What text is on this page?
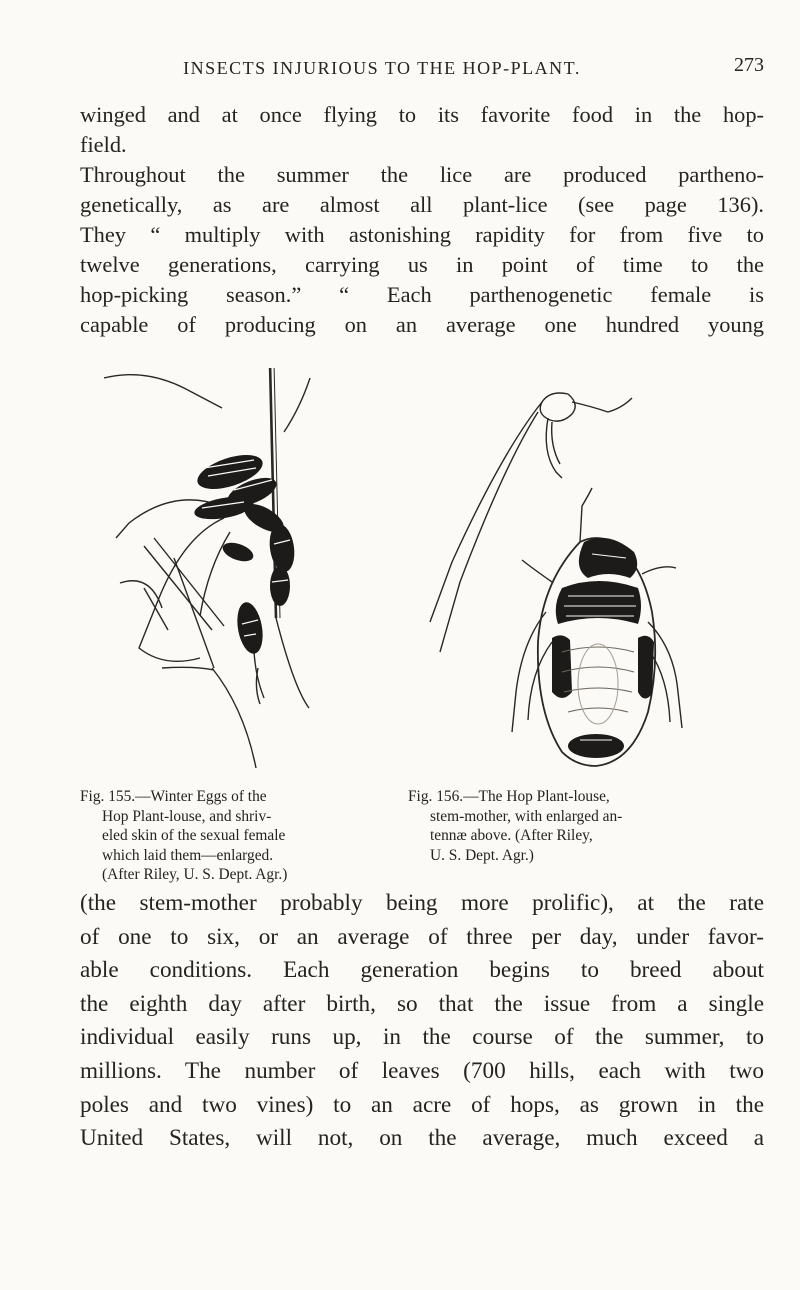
INSECTS INJURIOUS TO THE HOP-PLANT.	273
winged and at once flying to its favorite food in the hop-
field.
Throughout the summer the lice are produced partheno-
genetically, as are almost all plant-lice (see page 136).
They “ multiply with astonishing rapidity for from five to
twelve generations, carrying us in point of time to the
hop-picking season.” “ Each parthenogenetic female is
capable of producing on an average one hundred young
Fig. 155.—Winter Eggs of the
Hop Plant-louse, and shriv-
eled skin of the sexual female
which laid them—enlarged.
(After Riley, U. S. Dept. Agr.)
Fig. 156.—The Hop Plant-louse,
stem-mother, with enlarged an-
tennæ above. (After Riley,
U. S. Dept. Agr.)
(the stem-mother probably being more prolific), at the rate
of one to six, or an average of three per day, under favor-
able conditions. Each generation begins to breed about
the eighth day after birth, so that the issue from a single
individual easily runs up, in the course of the summer, to
millions. The number of leaves (700 hills, each with two
poles and two vines) to an acre of hops, as grown in the
United States, will not, on the average, much exceed a
